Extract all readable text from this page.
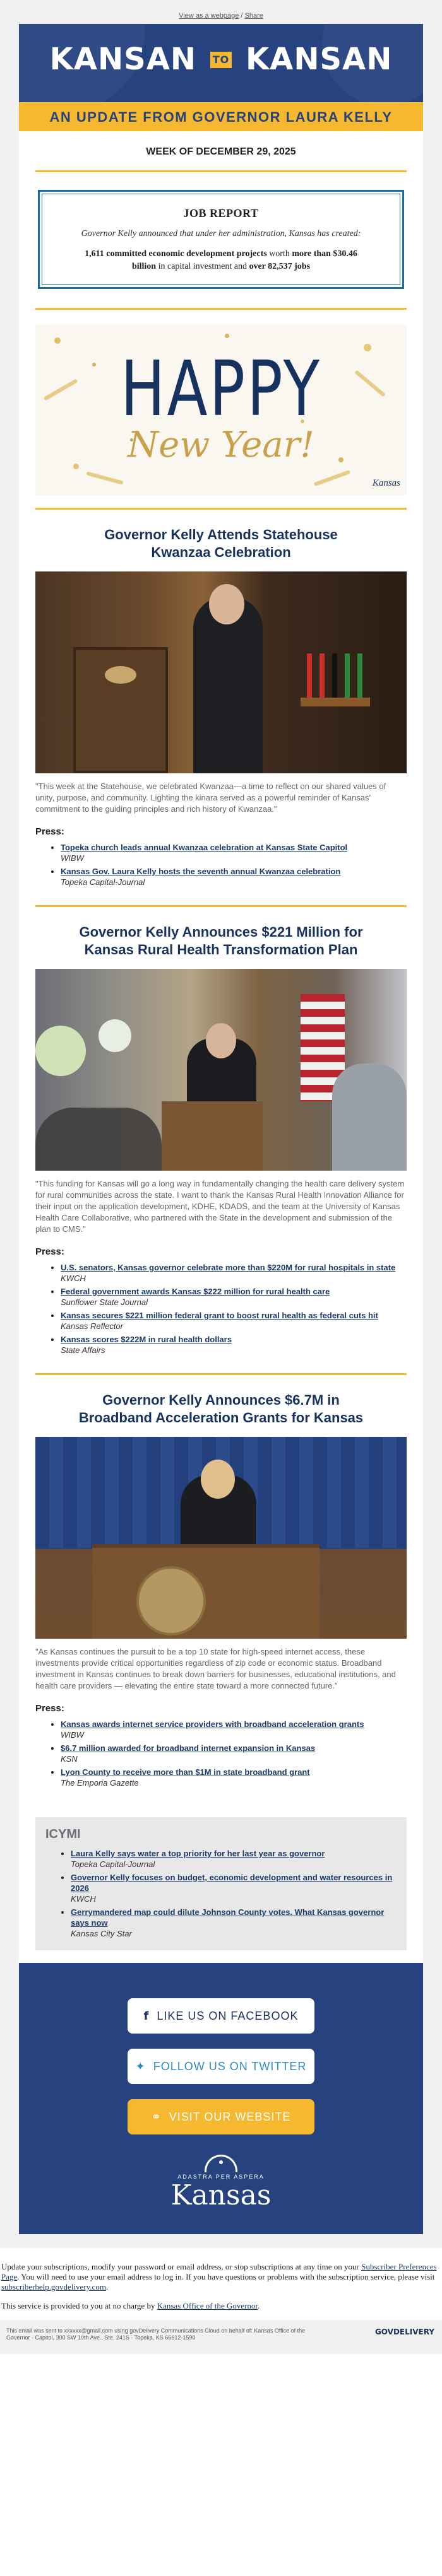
View as a webpage / Share
KANSAN TO KANSAN
AN UPDATE FROM GOVERNOR LAURA KELLY
WEEK OF DECEMBER 29, 2025
JOB REPORT
Governor Kelly announced that under her administration, Kansas has created:
1,611 committed economic development projects worth more than $30.46 billion in capital investment and over 82,537 jobs
HAPPY
New Year!
Kansas
Governor Kelly Attends Statehouse Kwanzaa Celebration
"This week at the Statehouse, we celebrated Kwanzaa—a time to reflect on our shared values of unity, purpose, and community. Lighting the kinara served as a powerful reminder of Kansas' commitment to the guiding principles and rich history of Kwanzaa."
Press:
• Topeka church leads annual Kwanzaa celebration at Kansas State Capitol
WIBW
• Kansas Gov. Laura Kelly hosts the seventh annual Kwanzaa celebration
Topeka Capital-Journal
Governor Kelly Announces $221 Million for Kansas Rural Health Transformation Plan
"This funding for Kansas will go a long way in fundamentally changing the health care delivery system for rural communities across the state. I want to thank the Kansas Rural Health Innovation Alliance for their input on the application development, KDHE, KDADS, and the team at the University of Kansas Health Care Collaborative, who partnered with the State in the development and submission of the plan to CMS."
Press:
• U.S. senators, Kansas governor celebrate more than $220M for rural hospitals in state
KWCH
• Federal government awards Kansas $222 million for rural health care
Sunflower State Journal
• Kansas secures $221 million federal grant to boost rural health as federal cuts hit
Kansas Reflector
• Kansas scores $222M in rural health dollars
State Affairs
Governor Kelly Announces $6.7M in Broadband Acceleration Grants for Kansas
"As Kansas continues the pursuit to be a top 10 state for high-speed internet access, these investments provide critical opportunities regardless of zip code or economic status. Broadband investment in Kansas continues to break down barriers for businesses, educational institutions, and health care providers — elevating the entire state toward a more connected future."
Press:
• Kansas awards internet service providers with broadband acceleration grants
WIBW
• $6.7 million awarded for broadband internet expansion in Kansas
KSN
• Lyon County to receive more than $1M in state broadband grant
The Emporia Gazette
ICYMI
• Laura Kelly says water a top priority for her last year as governor
Topeka Capital-Journal
• Governor Kelly focuses on budget, economic development and water resources in 2026
KWCH
• Gerrymandered map could dilute Johnson County votes. What Kansas governor says now
Kansas City Star
f LIKE US ON FACEBOOK
✦ FOLLOW US ON TWITTER
⚭ VISIT OUR WEBSITE
ADASTRA PER ASPERA
Kansas

Update your subscriptions, modify your password or email address, or stop subscriptions at any time on your Subscriber Preferences Page. You will need to use your email address to log in. If you have questions or problems with the subscription service, please visit subscriberhelp.govdelivery.com.

This service is provided to you at no charge by Kansas Office of the Governor.

This email was sent to xxxxxx@gmail.com using govDelivery Communications Cloud on behalf of: Kansas Office of the Governor · Capitol, 300 SW 10th Ave., Ste. 241S · Topeka, KS 66612-1590
GOVDELIVERY
